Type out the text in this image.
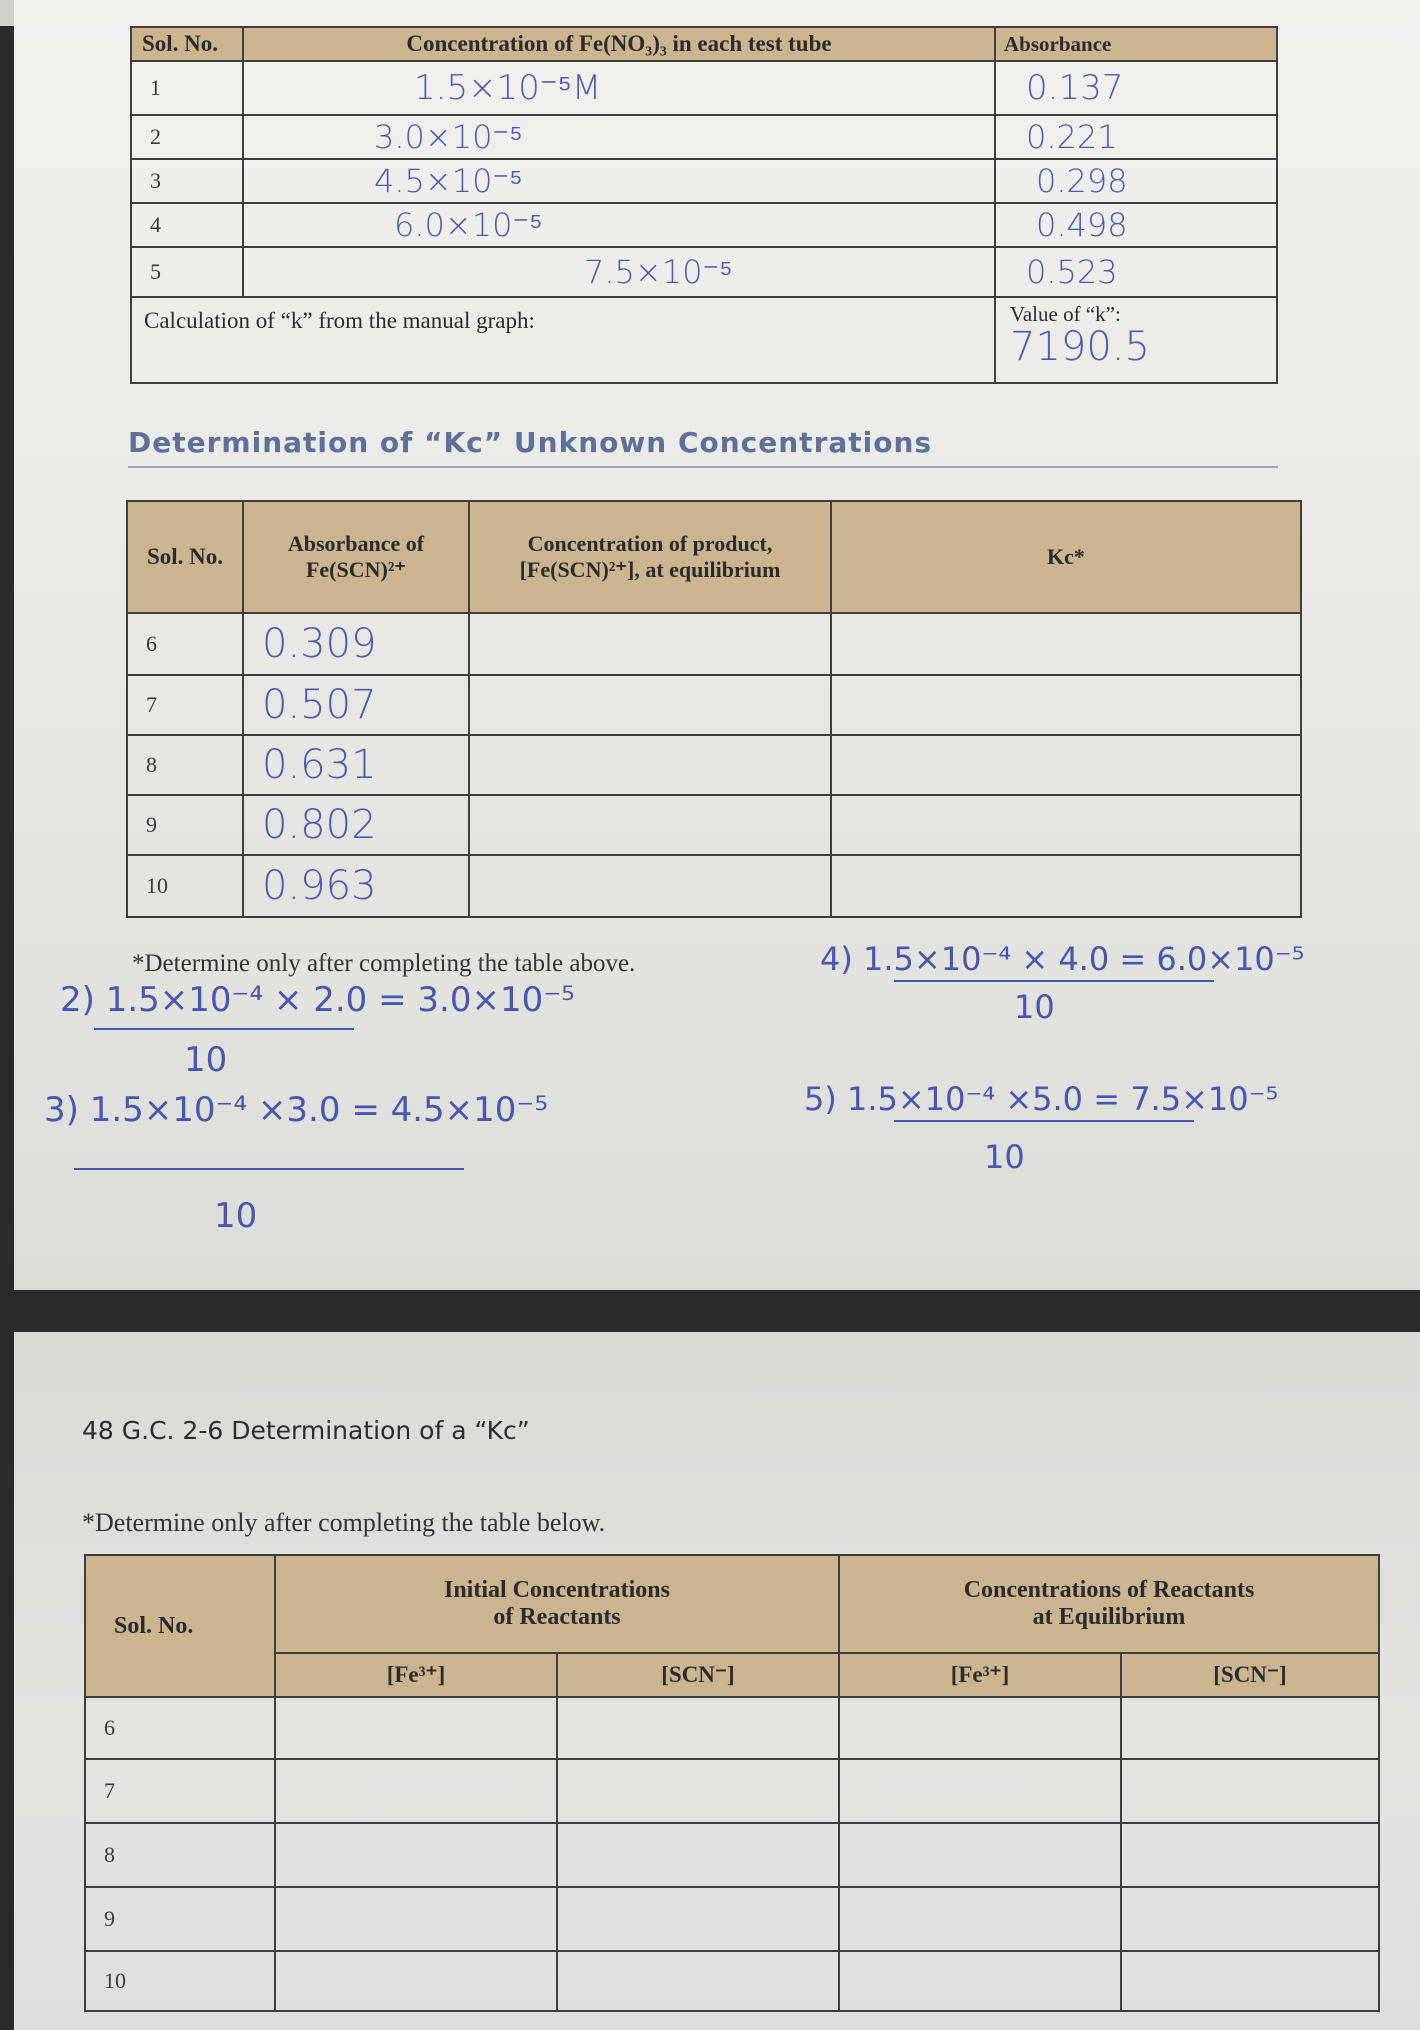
Sol. No.	Concentration of Fe(NO₃)₃ in each test tube	Absorbance
1	1.5×10⁻⁵M	0.137
2	3.0×10⁻⁵	0.221
3	4.5×10⁻⁵	0.298
4	6.0×10⁻⁵	0.498
5	7.5×10⁻⁵	0.523
Calculation of “k” from the manual graph:		Value of “k”:
7190.5
Determination of “Kc” Unknown Concentrations
Sol. No.	Absorbance of Fe(SCN)²⁺	Concentration of product, [Fe(SCN)²⁺], at equilibrium	Kc*
6	0.309		
7	0.507		
8	0.631		
9	0.802		
10	0.963		
*Determine only after completing the table above.
2) 1.5×10⁻⁴ × 2.0 = 3.0×10⁻⁵
10
3) 1.5×10⁻⁴ ×3.0 = 4.5×10⁻⁵
10
4) 1.5×10⁻⁴ × 4.0 = 6.0×10⁻⁵
10
5) 1.5×10⁻⁴ ×5.0 = 7.5×10⁻⁵
10
48 G.C. 2-6 Determination of a “Kc”
*Determine only after completing the table below.
Sol. No.	Initial Concentrations of Reactants		Concentrations of Reactants at Equilibrium	
	[Fe³⁺]	[SCN⁻]	[Fe³⁺]	[SCN⁻]
6				
7				
8				
9				
10				
